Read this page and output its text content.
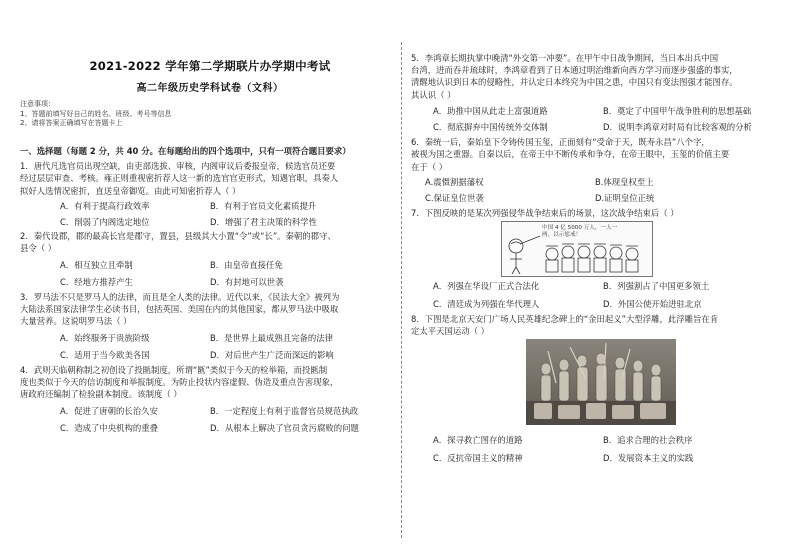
2021-2022 学年第二学期联片办学期中考试
高二年级历史学科试卷（文科）
注意事项：
1、答题前填写好自己的姓名、班级、考号等信息
2、请将答案正确填写在答题卡上

一、选择题（每题 2 分，共 40 分。在每题给出的四个选项中，只有一项符合题目要求）

1．唐代凡选官员出现空缺，由吏部选拔、审核，内阁审议后委报皇帝，候选官员还要

经过层层审查、考核。雍正则重视密折荐人这一新的选官官吏形式，知遇官职，具奏人

拟好人选情况密折，直送皇帝御览。由此可知密折荐人（ ）

A．有利于提高行政效率	B．有利于官员文化素质提升
C．削弱了内阁选定地位	D．增强了君主决策的科学性

2．秦代设郡，郡的最高长官是郡守，置县，县级其大小置“令”或“长”。秦朝的郡守、

县令（ ）

A．相互独立且牵制	B．由皇帝直接任免
C．经地方推荐产生	D．有封地可以世袭

3．罗马法不只是罗马人的法律，而且是全人类的法律。近代以来，《民法大全》被列为

大陆法系国家法律学生必读书目，包括英国、美国在内的其他国家，都从罗马法中吸取

大量营养。这说明罗马法（ ）

A．始终服务于贵族阶级	B．是世界上最成熟且完备的法律
C．适用于当今欧美各国	D．对后世产生广泛而深远的影响

4．武则天临朝称制之初创设了投匦制度，所谓“匦”类似于今天的检举箱，而投匦制

度也类似于今天的信访制度和举报制度。为防止投状内容虚假、伪造及重点告害现象，

唐政府还编制了检验副本制度。该制度（ ）

A．促进了唐朝的长治久安	B．一定程度上有利于监督官员规范执政
C．造成了中央机构的重叠	D．从根本上解决了官员贪污腐败的问题

5．李鸿章长期执掌中晚清“外交第一冲要”。在甲午中日战争期间，当日本出兵中国

台湾，进而吞并琉球时，李鸿章看到了日本通过明治维新向西方学习而逐步强盛的事实，

清醒地认识到日本的侵略性，并认定日本终究为中国之患，中国只有变法图强才能图存。

其认识（ ）

A．助推中国从此走上富强道路	B．奠定了中国甲午战争胜利的思想基础
C．彻底摒弃中国传统外交体制	D．说明李鸿章对时局有比较客观的分析

6．秦统一后，秦始皇下令铸传国玉玺，正面刻有“受命于天，既寿永昌”八个字，

被视为国之重器。自秦以后，在帝王中不断传承和争夺，在帝王眼中，玉玺的价值主要

在于（ ）

A.震慑割据藩权	B.体现皇权至上
C.保证皇位世袭	D.证明皇位正统

7．下图反映的是某次列强侵华战争结束后的场景，这次战争结束后（ ）

中国 4 亿 5000 万人，一人一
两，以示惩戒！
A．列强在华设厂正式合法化	B．列强割占了中国更多领土
C．清廷成为列强在华代理人	D．外国公使开始进驻北京

8．下图是北京天安门广场人民英雄纪念碑上的“金田起义”大型浮雕，此浮雕旨在肯

定太平天国运动（ ）

A．探寻救亡图存的道路	B．追求合理的社会秩序
C．反抗帝国主义的精神	D．发展资本主义的实践
